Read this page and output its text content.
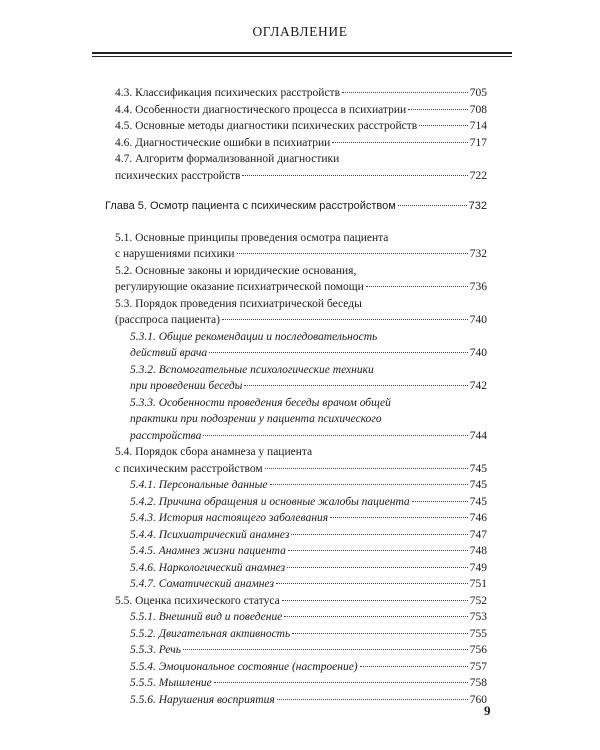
ОГЛАВЛЕНИЕ
4.3. Классификация психических расстройств	705
4.4. Особенности диагностического процесса в психиатрии	708
4.5. Основные методы диагностики психических расстройств	714
4.6. Диагностические ошибки в психиатрии	717
4.7. Алгоритм формализованной диагностики
психических расстройств	722
Глава 5. Осмотр пациента с психическим расстройством	732
5.1. Основные принципы проведения осмотра пациента
с нарушениями психики	732
5.2. Основные законы и юридические основания,
регулирующие оказание психиатрической помощи	736
5.3. Порядок проведения психиатрической беседы
(расспроса пациента)	740
5.3.1. Общие рекомендации и последовательность
действий врача	740
5.3.2. Вспомогательные психологические техники
при проведении беседы	742
5.3.3. Особенности проведения беседы врачом общей
практики при подозрении у пациента психического
расстройства	744
5.4. Порядок сбора анамнеза у пациента
с психическим расстройством	745
5.4.1. Персональные данные	745
5.4.2. Причина обращения и основные жалобы пациента	745
5.4.3. История настоящего заболевания	746
5.4.4. Психиатрический анамнез	747
5.4.5. Анамнез жизни пациента	748
5.4.6. Наркологический анамнез	749
5.4.7. Соматический анамнез	751
5.5. Оценка психического статуса	752
5.5.1. Внешний вид и поведение	753
5.5.2. Двигательная активность	755
5.5.3. Речь	756
5.5.4. Эмоциональное состояние (настроение)	757
5.5.5. Мышление	758
5.5.6. Нарушения восприятия	760
9
